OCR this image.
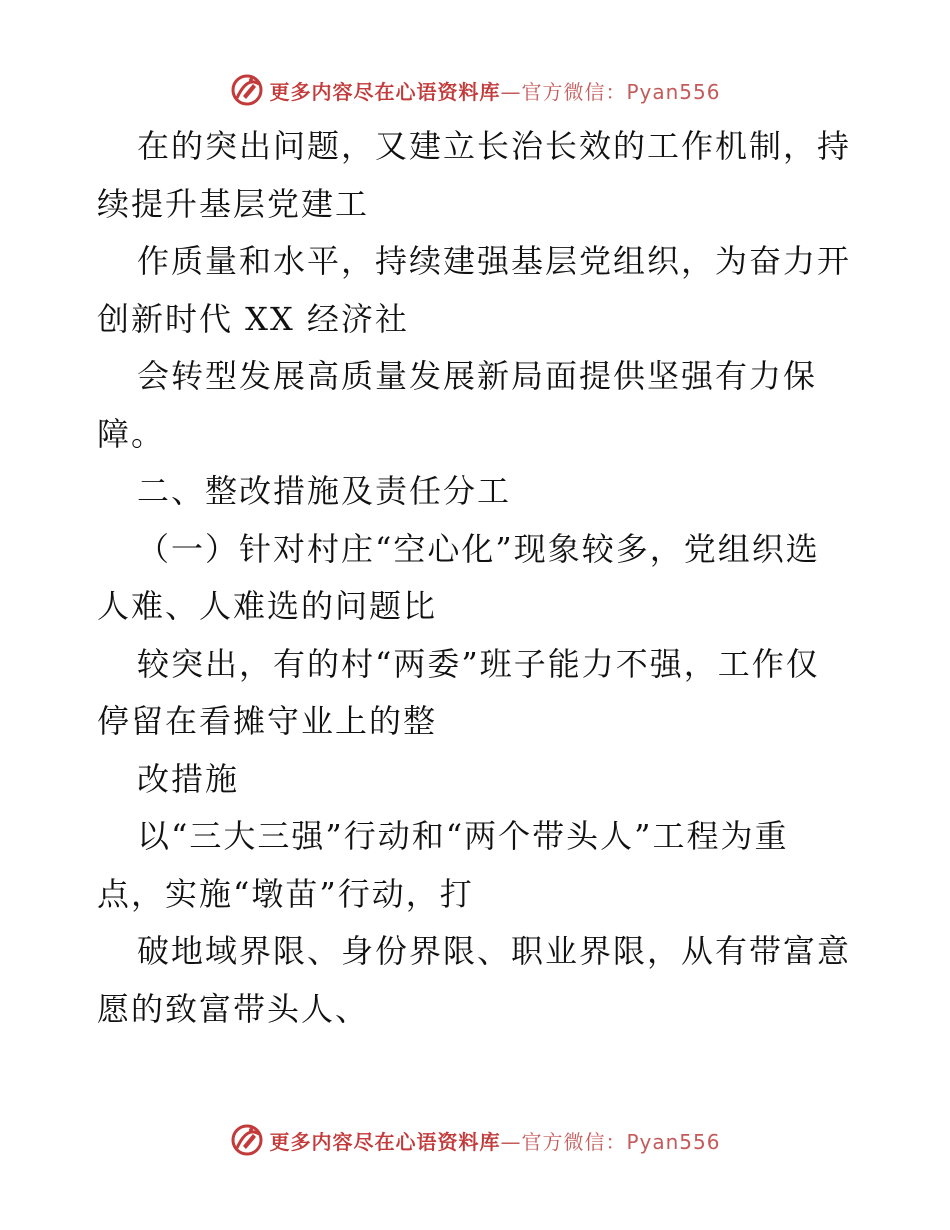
更多内容尽在心语资料库 —官方微信：Pyan556
在的突出问题，又建立长治长效的工作机制，持
续提升基层党建工
作质量和水平，持续建强基层党组织，为奋力开
创新时代 XX 经济社
会转型发展高质量发展新局面提供坚强有力保
障。
二、整改措施及责任分工
（一）针对村庄“空心化”现象较多，党组织选
人难、人难选的问题比
较突出，有的村“两委”班子能力不强，工作仅
停留在看摊守业上的整
改措施
以“三大三强”行动和“两个带头人”工程为重
点，实施“墩苗”行动，打
破地域界限、身份界限、职业界限，从有带富意
愿的致富带头人、
更多内容尽在心语资料库 —官方微信：Pyan556
